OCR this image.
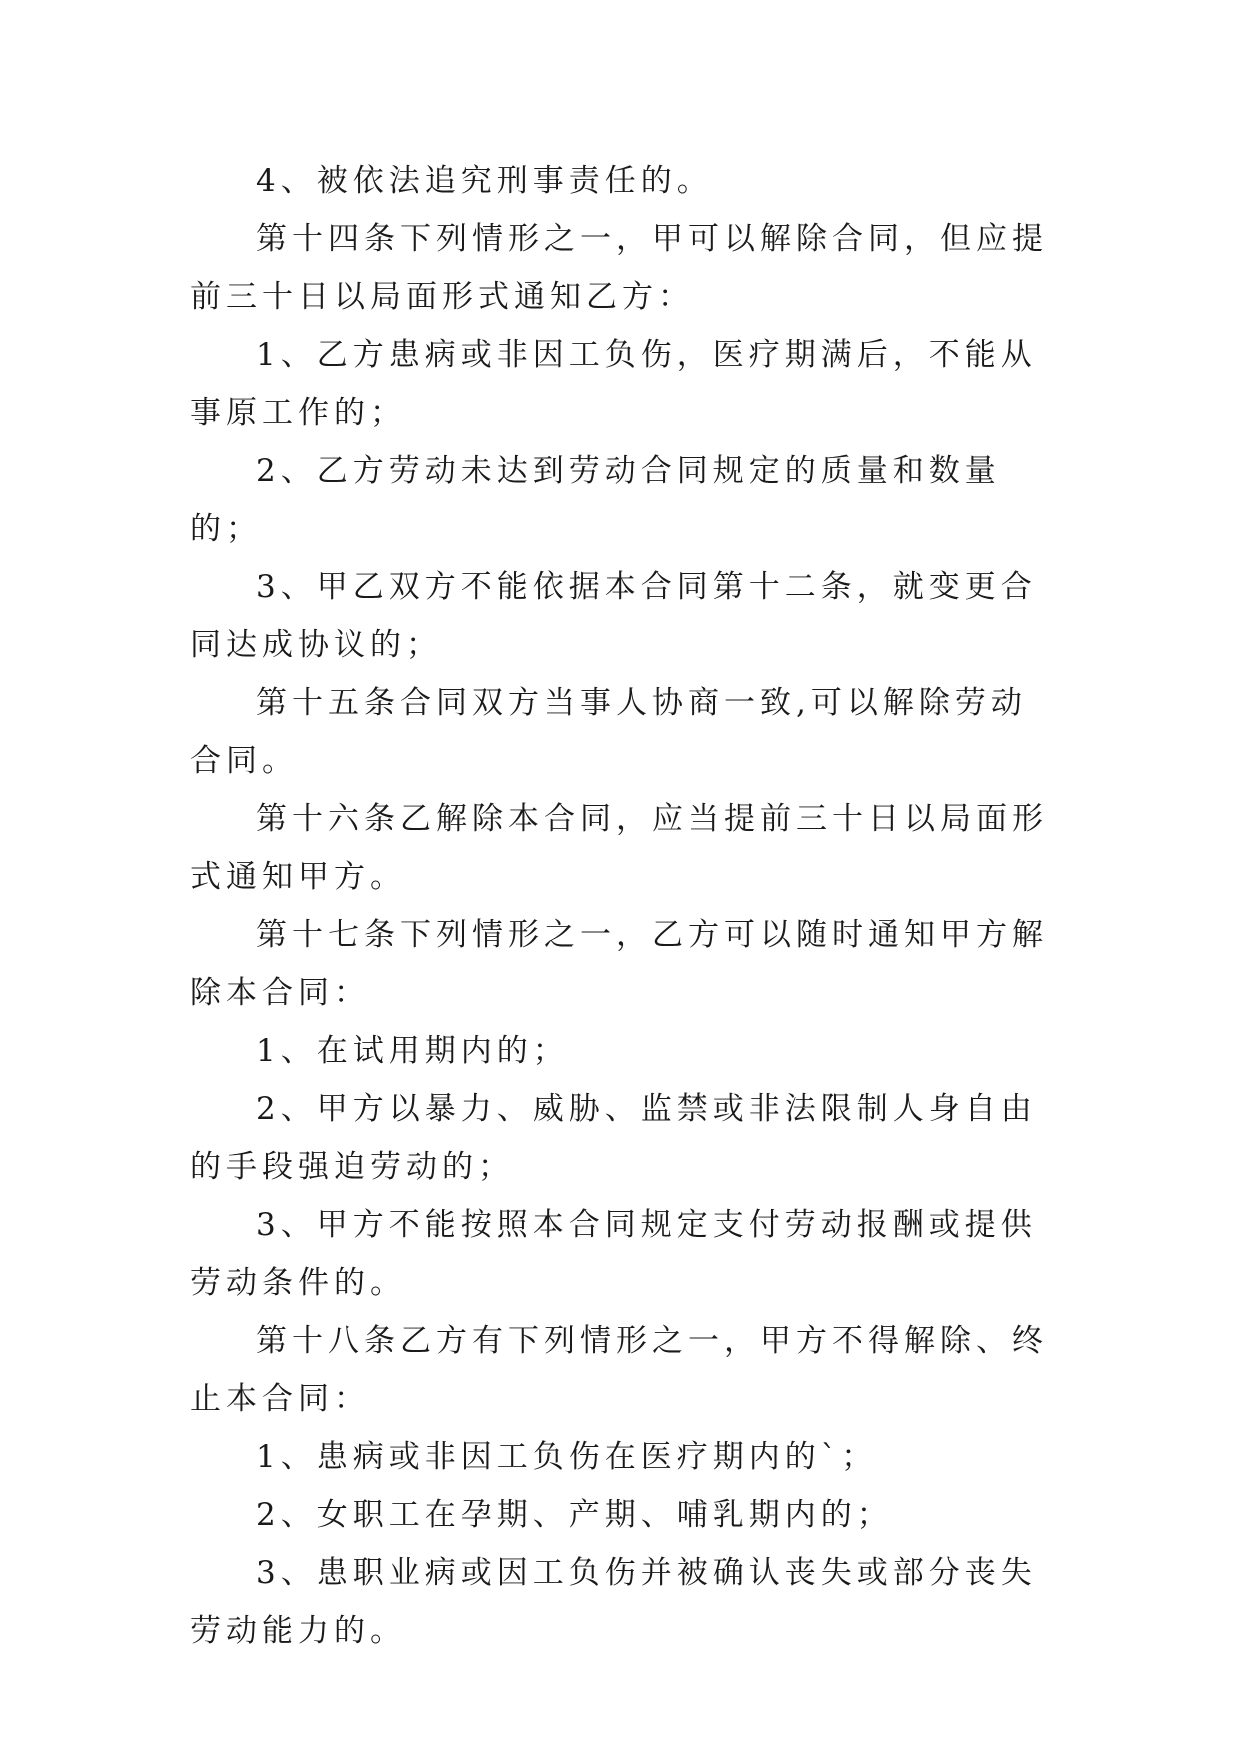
4、被依法追究刑事责任的。

第十四条下列情形之一，甲可以解除合同，但应提前三十日以局面形式通知乙方：

1、乙方患病或非因工负伤，医疗期满后，不能从事原工作的；

2、乙方劳动未达到劳动合同规定的质量和数量的；

3、甲乙双方不能依据本合同第十二条，就变更合同达成协议的；

第十五条合同双方当事人协商一致,可以解除劳动合同。

第十六条乙解除本合同，应当提前三十日以局面形式通知甲方。

第十七条下列情形之一，乙方可以随时通知甲方解除本合同：

1、在试用期内的；

2、甲方以暴力、威胁、监禁或非法限制人身自由的手段强迫劳动的；

3、甲方不能按照本合同规定支付劳动报酬或提供劳动条件的。

第十八条乙方有下列情形之一，甲方不得解除、终止本合同：

1、患病或非因工负伤在医疗期内的`；

2、女职工在孕期、产期、哺乳期内的；

3、患职业病或因工负伤并被确认丧失或部分丧失劳动能力的。
